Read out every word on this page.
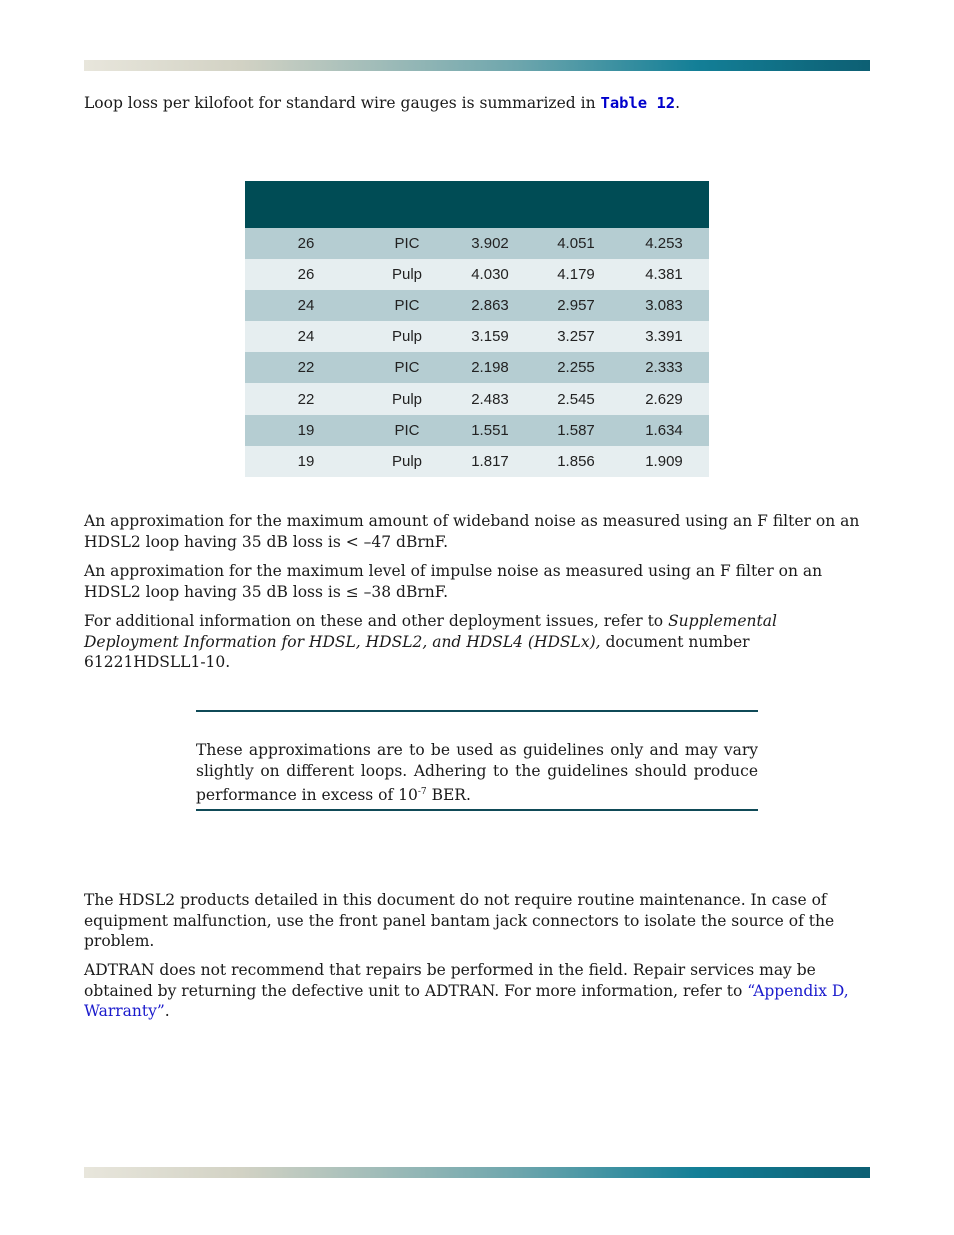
Loop loss per kilofoot for standard wire gauges is summarized in Table 12.

26	PIC	3.902	4.051	4.253
26	Pulp	4.030	4.179	4.381
24	PIC	2.863	2.957	3.083
24	Pulp	3.159	3.257	3.391
22	PIC	2.198	2.255	2.333
22	Pulp	2.483	2.545	2.629
19	PIC	1.551	1.587	1.634
19	Pulp	1.817	1.856	1.909

An approximation for the maximum amount of wideband noise as measured using an F filter on an HDSL2 loop having 35 dB loss is < –47 dBrnF.

An approximation for the maximum level of impulse noise as measured using an F filter on an HDSL2 loop having 35 dB loss is ≤ –38 dBrnF.

For additional information on these and other deployment issues, refer to Supplemental Deployment Information for HDSL, HDSL2, and HDSL4 (HDSLx), document number 61221HDSLL1-10.

These approximations are to be used as guidelines only and may vary slightly on different loops. Adhering to the guidelines should produce performance in excess of $10^{-7}$ BER.

The HDSL2 products detailed in this document do not require routine maintenance. In case of equipment malfunction, use the front panel bantam jack connectors to isolate the source of the problem.

ADTRAN does not recommend that repairs be performed in the field. Repair services may be obtained by returning the defective unit to ADTRAN. For more information, refer to “Appendix D, Warranty”.
